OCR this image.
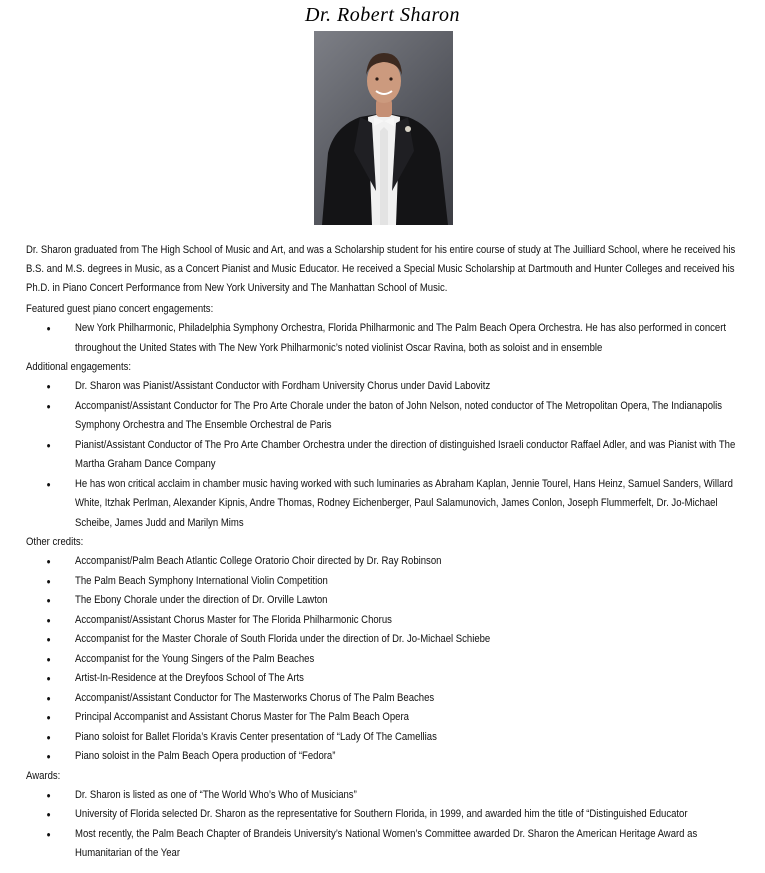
Dr. Robert Sharon

Dr. Sharon graduated from The High School of Music and Art, and was a Scholarship student for his entire course of study at The Juilliard School, where he received his B.S. and M.S. degrees in Music, as a Concert Pianist and Music Educator. He received a Special Music Scholarship at Dartmouth and Hunter Colleges and received his Ph.D. in Piano Concert Performance from New York University and The Manhattan School of Music.

Featured guest piano concert engagements:
• New York Philharmonic, Philadelphia Symphony Orchestra, Florida Philharmonic and The Palm Beach Opera Orchestra. He has also performed in concert throughout the United States with The New York Philharmonic’s noted violinist Oscar Ravina, both as soloist and in ensemble
Additional engagements:
• Dr. Sharon was Pianist/Assistant Conductor with Fordham University Chorus under David Labovitz
• Accompanist/Assistant Conductor for The Pro Arte Chorale under the baton of John Nelson, noted conductor of The Metropolitan Opera, The Indianapolis Symphony Orchestra and The Ensemble Orchestral de Paris
• Pianist/Assistant Conductor of The Pro Arte Chamber Orchestra under the direction of distinguished Israeli conductor Raffael Adler, and was Pianist with The Martha Graham Dance Company
• He has won critical acclaim in chamber music having worked with such luminaries as Abraham Kaplan, Jennie Tourel, Hans Heinz, Samuel Sanders, Willard White, Itzhak Perlman, Alexander Kipnis, Andre Thomas, Rodney Eichenberger, Paul Salamunovich, James Conlon, Joseph Flummerfelt, Dr. Jo-Michael Scheibe, James Judd and Marilyn Mims
Other credits:
• Accompanist/Palm Beach Atlantic College Oratorio Choir directed by Dr. Ray Robinson
• The Palm Beach Symphony International Violin Competition
• The Ebony Chorale under the direction of Dr. Orville Lawton
• Accompanist/Assistant Chorus Master for The Florida Philharmonic Chorus
• Accompanist for the Master Chorale of South Florida under the direction of Dr. Jo-Michael Schiebe
• Accompanist for the Young Singers of the Palm Beaches
• Artist-In-Residence at the Dreyfoos School of The Arts
• Accompanist/Assistant Conductor for The Masterworks Chorus of The Palm Beaches
• Principal Accompanist and Assistant Chorus Master for The Palm Beach Opera
• Piano soloist for Ballet Florida’s Kravis Center presentation of “Lady Of The Camellias
• Piano soloist in the Palm Beach Opera production of “Fedora”
Awards:
• Dr. Sharon is listed as one of “The World Who’s Who of Musicians”
• University of Florida selected Dr. Sharon as the representative for Southern Florida, in 1999, and awarded him the title of “Distinguished Educator
• Most recently, the Palm Beach Chapter of Brandeis University’s National Women’s Committee awarded Dr. Sharon the American Heritage Award as Humanitarian of the Year
